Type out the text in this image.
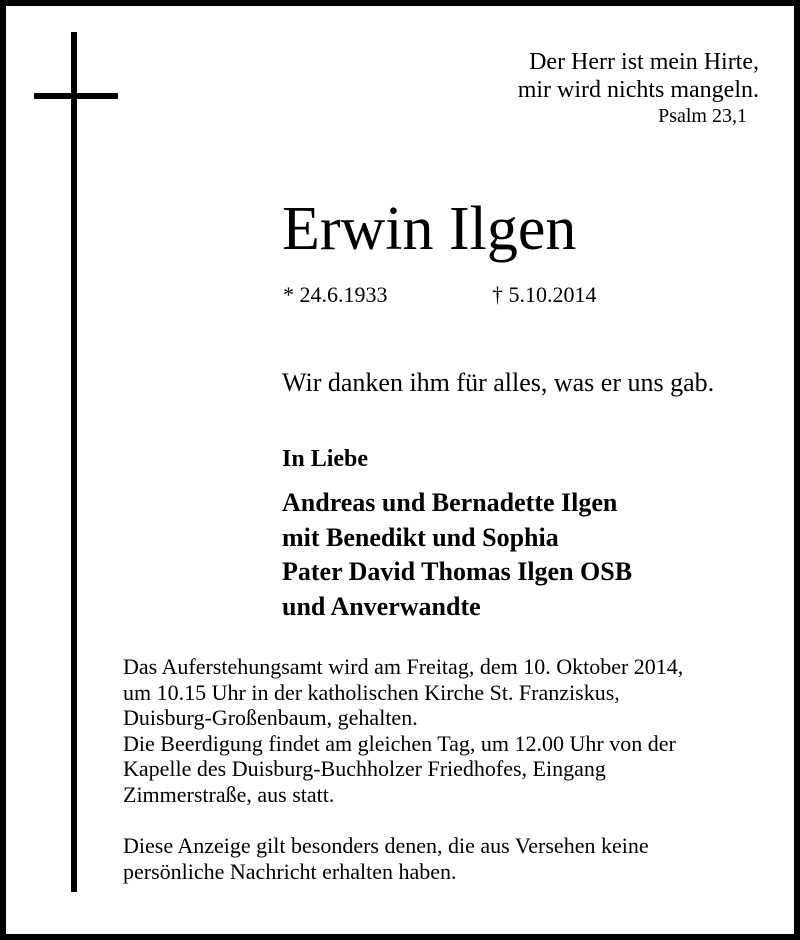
Der Herr ist mein Hirte,
mir wird nichts mangeln.
Psalm 23,1
Erwin Ilgen
* 24.6.1933	† 5.10.2014
Wir danken ihm für alles, was er uns gab.
In Liebe
Andreas und Bernadette Ilgen
mit Benedikt und Sophia
Pater David Thomas Ilgen OSB
und Anverwandte
Das Auferstehungsamt wird am Freitag, dem 10. Oktober 2014,
um 10.15 Uhr in der katholischen Kirche St. Franziskus,
Duisburg-Großenbaum, gehalten.
Die Beerdigung findet am gleichen Tag, um 12.00 Uhr von der
Kapelle des Duisburg-Buchholzer Friedhofes, Eingang
Zimmerstraße, aus statt.
Diese Anzeige gilt besonders denen, die aus Versehen keine
persönliche Nachricht erhalten haben.
